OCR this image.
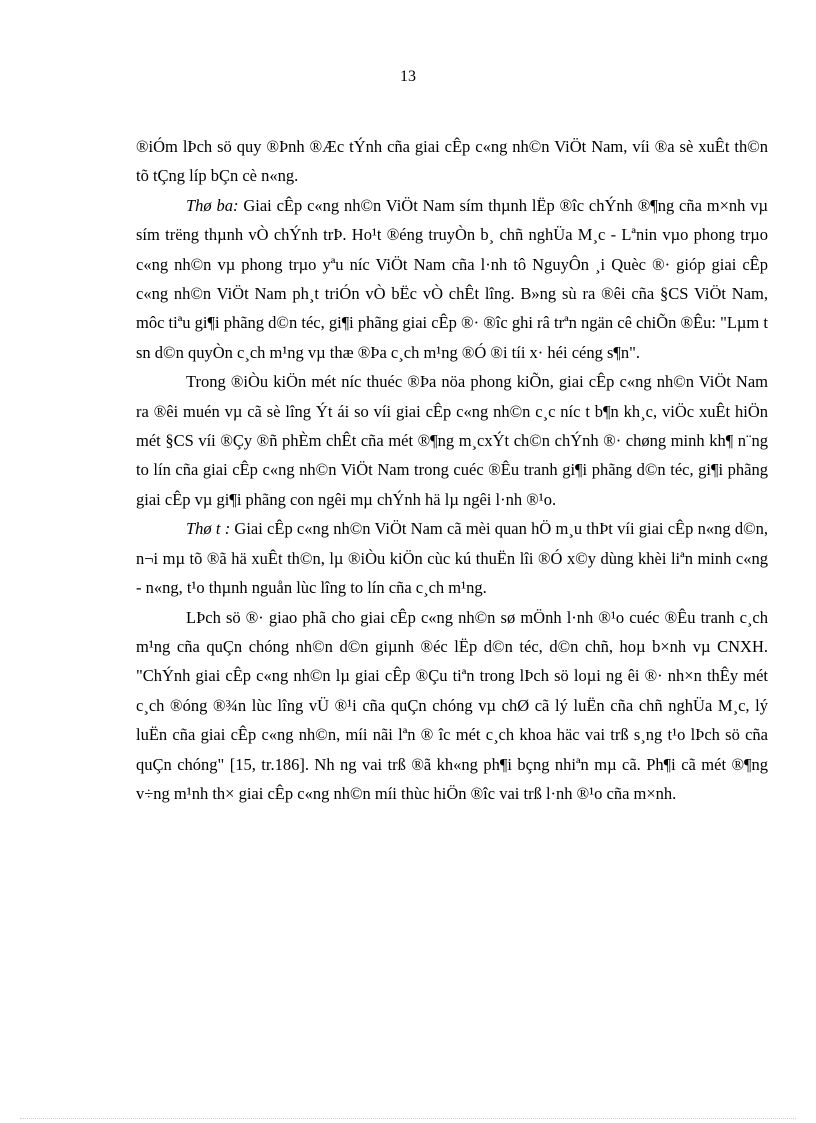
13

®iÓm lÞch sö quy ®Þnh ®Æc tÝnh cña giai cÊp c«ng nh©n ViÖt Nam, víi ®a sè xuÊt th©n tõ tÇng líp bÇn cè n«ng.

Thø ba: Giai cÊp c«ng nh©n ViÖt Nam sím thµnh lËp ®îc chÝnh ®¶ng cña m×nh vµ sím trëng thµnh vÒ chÝnh trÞ. Ho¹t ®éng truyÒn b¸ chñ nghÜa M¸c - Lªnin vµo phong trµo c«ng nh©n vµ phong trµo yªu níc ViÖt Nam cña l·nh tô NguyÔn ¸i Quèc ®· gióp giai cÊp c«ng nh©n ViÖt Nam ph¸t triÓn vÒ bËc vÒ chÊt lîng. B»ng sù ra ®êi cña §CS ViÖt Nam, môc tiªu gi¶i phãng d©n téc, gi¶i phãng giai cÊp ®· ®îc ghi râ trªn ngän cê chiÕn ®Êu: "Lµm t sn d©n quyÒn c¸ch m¹ng vµ thæ ®Þa c¸ch m¹ng ®Ó ®i tíi x· héi céng s¶n".

Trong ®iÒu kiÖn mét níc thuéc ®Þa nöa phong kiÕn, giai cÊp c«ng nh©n ViÖt Nam ra ®êi muén vµ cã sè lîng Ýt ái so víi giai cÊp c«ng nh©n c¸c níc t b¶n kh¸c, viÖc xuÊt hiÖn mét §CS víi ®Çy ®ñ phÈm chÊt cña mét ®¶ng m¸cxÝt ch©n chÝnh ®· chøng minh kh¶ n¨ng to lín cña giai cÊp c«ng nh©n ViÖt Nam trong cuéc ®Êu tranh gi¶i phãng d©n téc, gi¶i phãng giai cÊp vµ gi¶i phãng con ngêi mµ chÝnh hä lµ ngêi l·nh ®¹o.

Thø t : Giai cÊp c«ng nh©n ViÖt Nam cã mèi quan hÖ m¸u thÞt víi giai cÊp n«ng d©n, n¬i mµ tõ ®ã hä xuÊt th©n, lµ ®iÒu kiÖn cùc kú thuËn lîi ®Ó x©y dùng khèi liªn minh c«ng - n«ng, t¹o thµnh nguån lùc lîng to lín cña c¸ch m¹ng.

LÞch sö ®· giao phã cho giai cÊp c«ng nh©n sø mÖnh l·nh ®¹o cuéc ®Êu tranh c¸ch m¹ng cña quÇn chóng nh©n d©n giµnh ®éc lËp d©n téc, d©n chñ, hoµ b×nh vµ CNXH. "ChÝnh giai cÊp c«ng nh©n lµ giai cÊp ®Çu tiªn trong lÞch sö loµi ng êi ®· nh×n thÊy mét c¸ch ®óng ®¾n lùc lîng vÜ ®¹i cña quÇn chóng vµ chØ cã lý luËn cña chñ nghÜa M¸c, lý luËn cña giai cÊp c«ng nh©n, míi nãi lªn ® îc mét c¸ch khoa häc vai trß s¸ng t¹o lÞch sö cña quÇn chóng" [15, tr.186]. Nh ng vai trß ®ã kh«ng ph¶i bçng nhiªn mµ cã. Ph¶i cã mét ®¶ng v÷ng m¹nh th× giai cÊp c«ng nh©n míi thùc hiÖn ®îc vai trß l·nh ®¹o cña m×nh.
